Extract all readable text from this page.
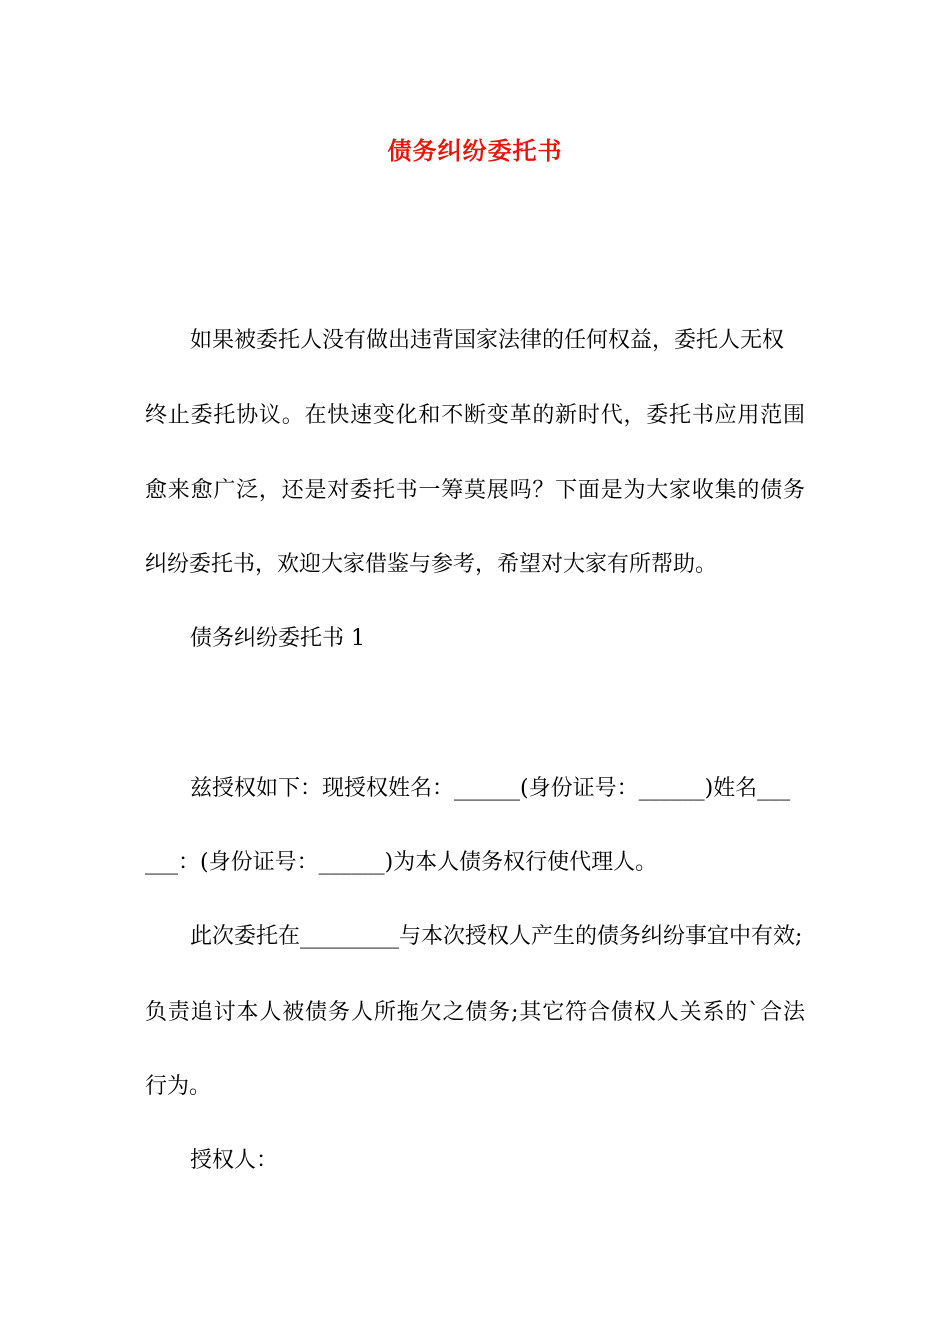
债务纠纷委托书

如果被委托人没有做出违背国家法律的任何权益，委托人无权

终止委托协议。在快速变化和不断变革的新时代，委托书应用范围

愈来愈广泛，还是对委托书一筹莫展吗？下面是为大家收集的债务

纠纷委托书，欢迎大家借鉴与参考，希望对大家有所帮助。

债务纠纷委托书 1

兹授权如下：现授权姓名：______(身份证号：______)姓名___

___：(身份证号：______)为本人债务权行使代理人。

此次委托在_________与本次授权人产生的债务纠纷事宜中有效;

负责追讨本人被债务人所拖欠之债务;其它符合债权人关系的`合法

行为。

授权人：
